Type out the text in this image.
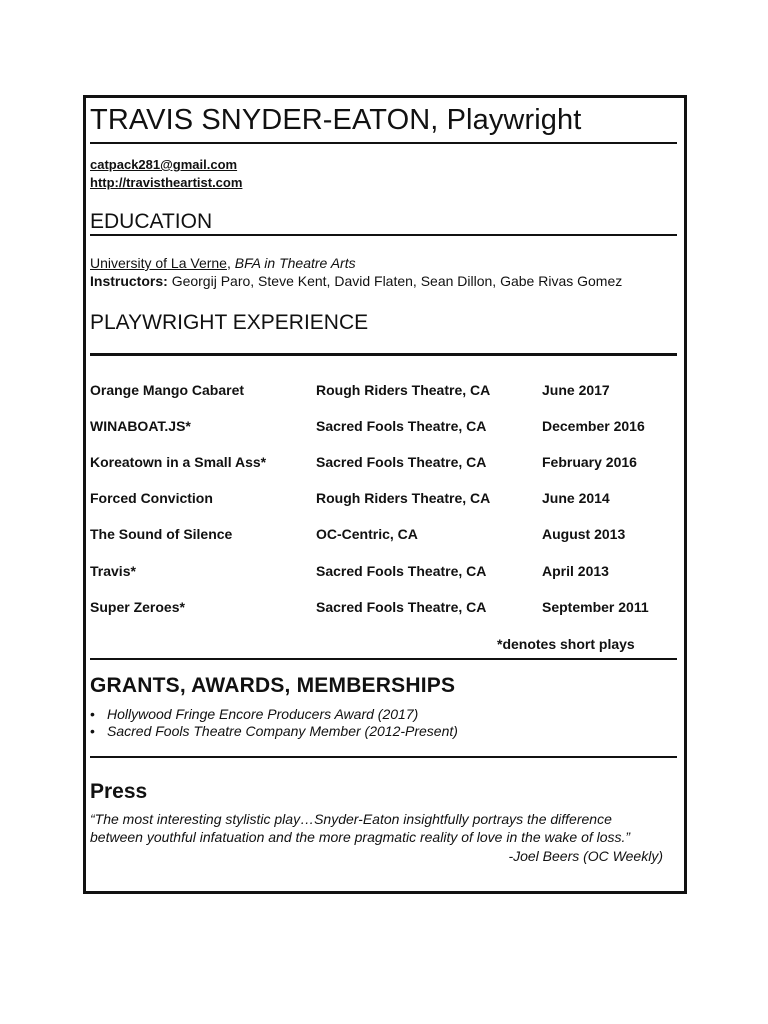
TRAVIS SNYDER-EATON, Playwright
catpack281@gmail.com
http://travistheartist.com
EDUCATION
University of La Verne, BFA in Theatre Arts
Instructors: Georgij Paro, Steve Kent, David Flaten, Sean Dillon, Gabe Rivas Gomez
PLAYWRIGHT EXPERIENCE
Orange Mango Cabaret	Rough Riders Theatre, CA	June 2017
WINABOAT.JS*	Sacred Fools Theatre, CA	December 2016
Koreatown in a Small Ass*	Sacred Fools Theatre, CA	February 2016
Forced Conviction	Rough Riders Theatre, CA	June 2014
The Sound of Silence	OC-Centric, CA	August 2013
Travis*	Sacred Fools Theatre, CA	April 2013
Super Zeroes*	Sacred Fools Theatre, CA	September 2011
*denotes short plays
GRANTS, AWARDS, MEMBERSHIPS
• Hollywood Fringe Encore Producers Award (2017)
• Sacred Fools Theatre Company Member (2012-Present)
Press
“The most interesting stylistic play…Snyder-Eaton insightfully portrays the difference
between youthful infatuation and the more pragmatic reality of love in the wake of loss.”
-Joel Beers (OC Weekly)
